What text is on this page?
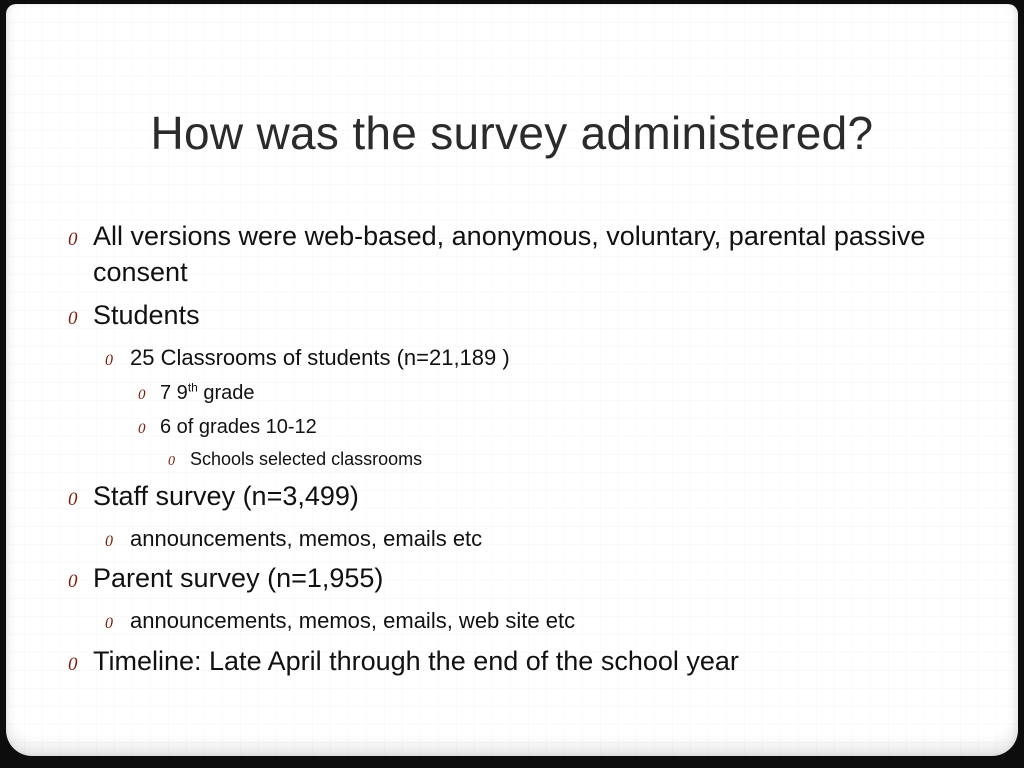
How was the survey administered?
0 All versions were web-based, anonymous, voluntary, parental passive consent
0 Students
0 25 Classrooms of students (n=21,189 )
0 7 9th grade
0 6 of grades 10-12
0 Schools selected classrooms
0 Staff survey (n=3,499)
0 announcements, memos, emails etc
0 Parent survey (n=1,955)
0 announcements, memos, emails, web site etc
0 Timeline: Late April through the end of the school year
